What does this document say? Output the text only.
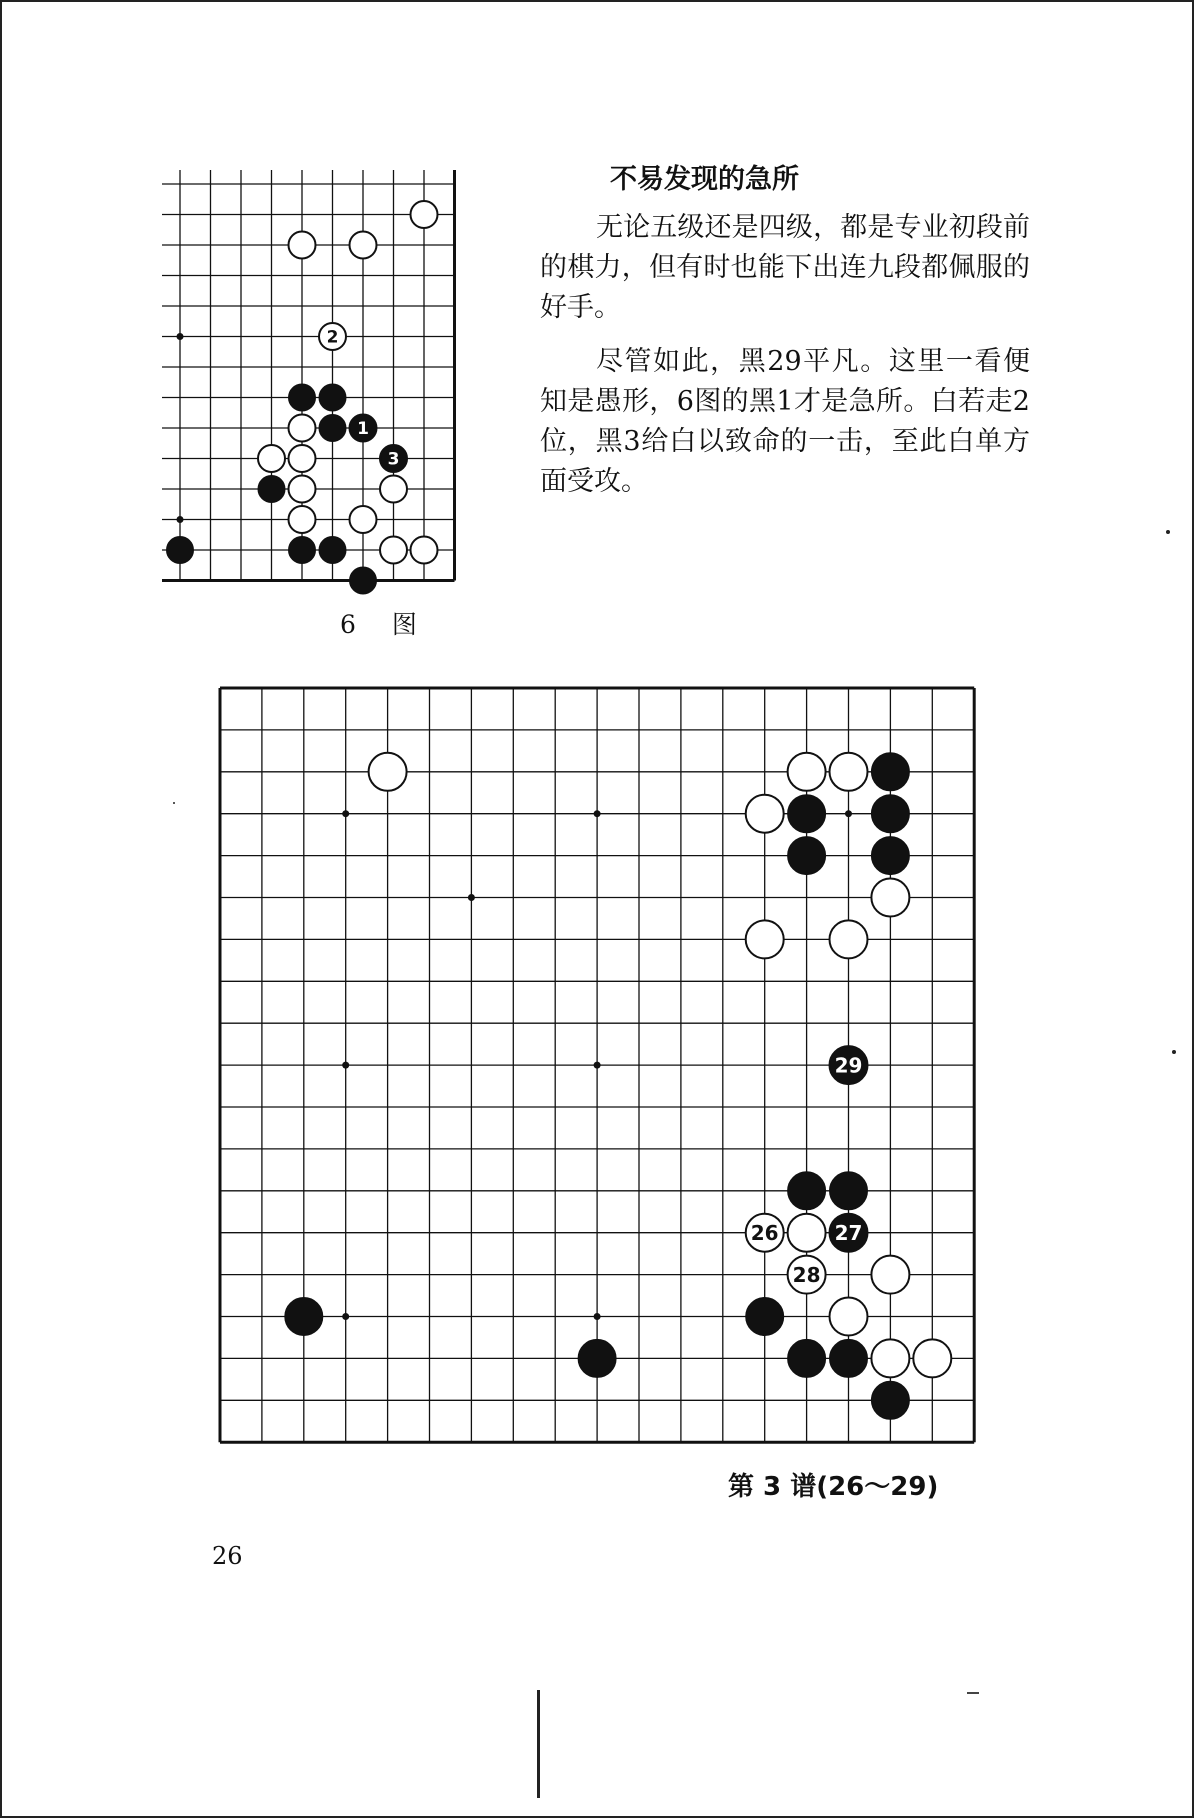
2
1
3
6 图
不易发现的急所

无论五级还是四级，都是专业初段前的棋力，但有时也能下出连九段都佩服的好手。

尽管如此，黑29平凡。这里一看便知是愚形，6图的黑1才是急所。白若走2位，黑3给白以致命的一击，至此白单方面受攻。

29
26	27
28
第 3 谱(26～29)
26
